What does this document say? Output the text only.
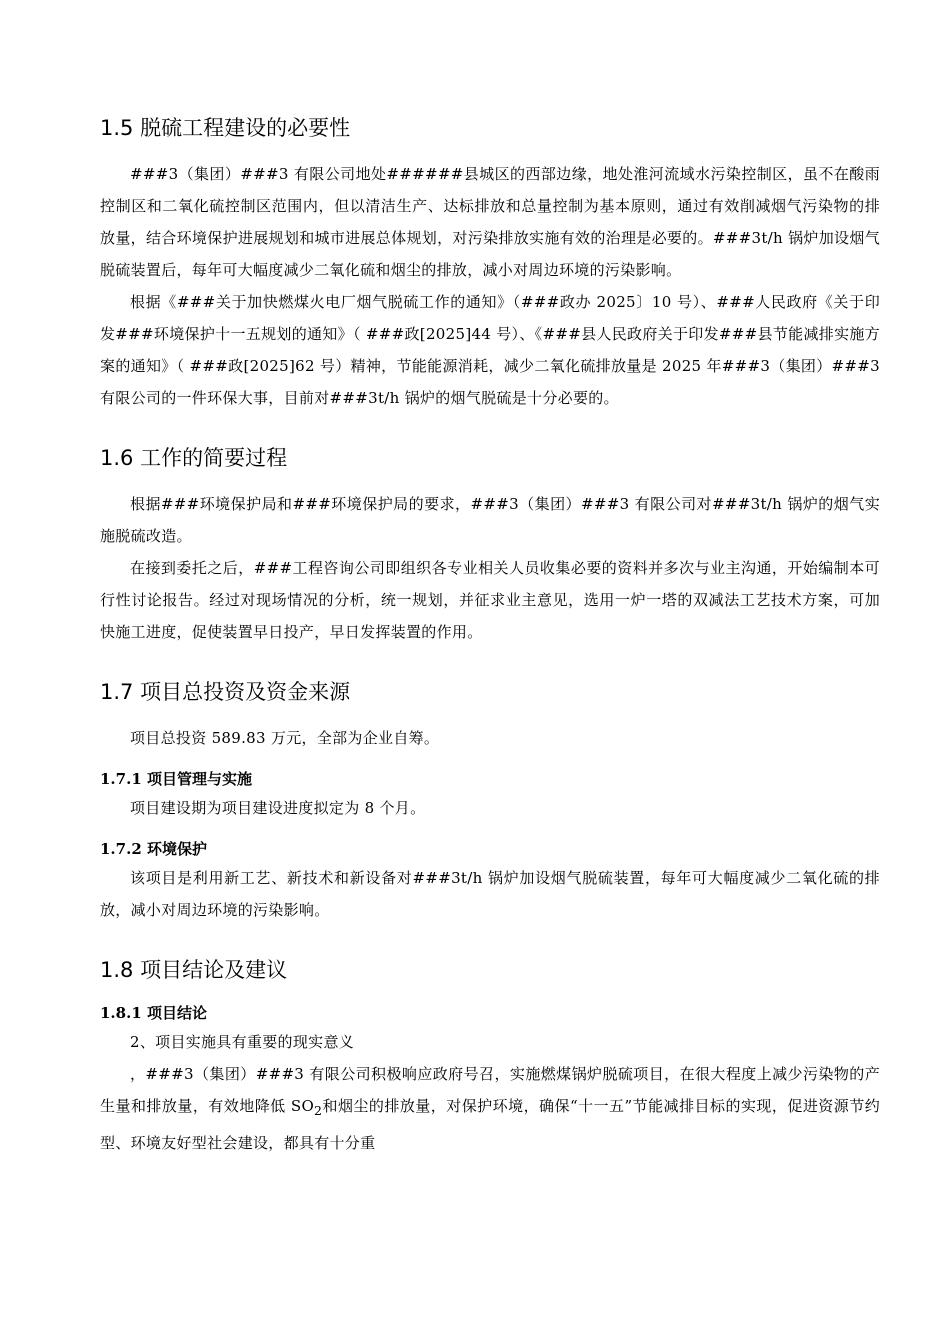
1.5 脱硫工程建设的必要性

###3（集团）###3 有限公司地处######县城区的西部边缘，地处淮河流域水污染控制区，虽不在酸雨控制区和二氧化硫控制区范围内，但以清洁生产、达标排放和总量控制为基本原则，通过有效削减烟气污染物的排放量，结合环境保护进展规划和城市进展总体规划，对污染排放实施有效的治理是必要的。###3t/h 锅炉加设烟气脱硫装置后，每年可大幅度减少二氧化硫和烟尘的排放，减小对周边环境的污染影响。

根据《###关于加快燃煤火电厂烟气脱硫工作的通知》（###政办 2025〕10 号）、###人民政府《关于印发###环境保护十一五规划的通知》（ ###政[2025]44 号）、《###县人民政府关于印发###县节能减排实施方案的通知》（ ###政[2025]62 号）精神，节能能源消耗，减少二氧化硫排放量是 2025 年###3（集团）###3 有限公司的一件环保大事，目前对###3t/h 锅炉的烟气脱硫是十分必要的。

1.6 工作的简要过程

根据###环境保护局和###环境保护局的要求，###3（集团）###3 有限公司对###3t/h 锅炉的烟气实施脱硫改造。

在接到委托之后，###工程咨询公司即组织各专业相关人员收集必要的资料并多次与业主沟通，开始编制本可行性讨论报告。经过对现场情况的分析，统一规划，并征求业主意见，选用一炉一塔的双减法工艺技术方案，可加快施工进度，促使装置早日投产，早日发挥装置的作用。

1.7 项目总投资及资金来源

项目总投资 589.83 万元，全部为企业自筹。

1.7.1 项目管理与实施

项目建设期为项目建设进度拟定为 8 个月。

1.7.2 环境保护

该项目是利用新工艺、新技术和新设备对###3t/h 锅炉加设烟气脱硫装置，每年可大幅度减少二氧化硫的排放，减小对周边环境的污染影响。

1.8 项目结论及建议
1.8.1 项目结论

2、项目实施具有重要的现实意义

，###3（集团）###3 有限公司积极响应政府号召，实施燃煤锅炉脱硫项目，在很大程度上减少污染物的产生量和排放量，有效地降低 $SO_2$和烟尘的排放量，对保护环境，确保“十一五”节能减排目标的实现，促进资源节约型、环境友好型社会建设，都具有十分重
